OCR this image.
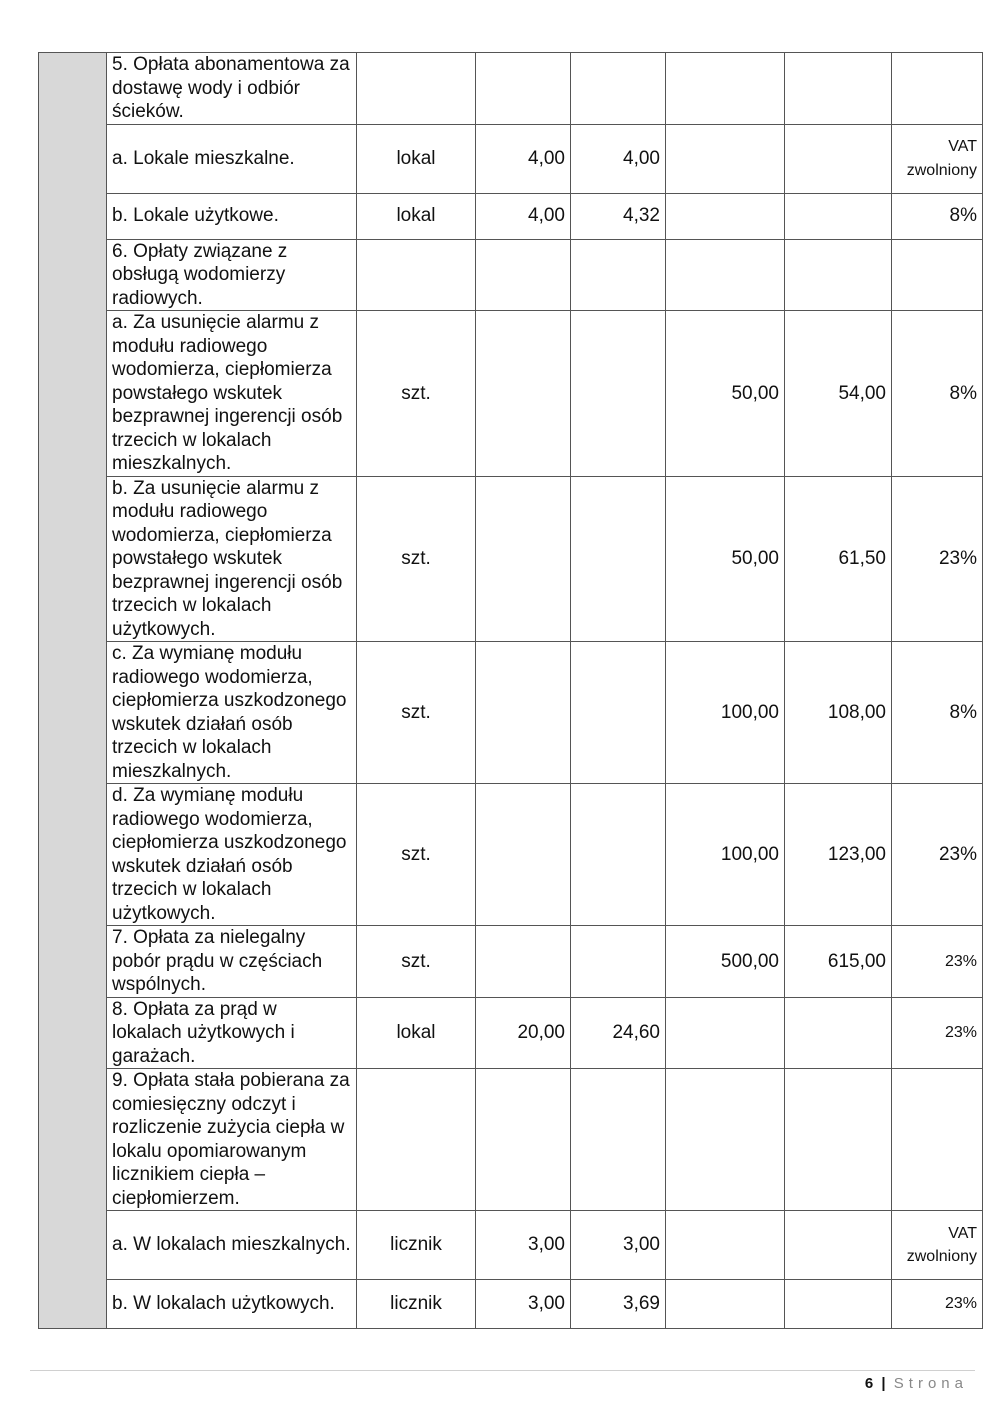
	5. Opłata abonamentowa za dostawę wody i odbiór ścieków.						
	a. Lokale mieszkalne.	lokal	4,00	4,00			VAT zwolniony
	b. Lokale użytkowe.	lokal	4,00	4,32			8%
	6. Opłaty związane z obsługą wodomierzy radiowych.						
	a. Za usunięcie alarmu z modułu radiowego wodomierza, ciepłomierza powstałego wskutek bezprawnej ingerencji osób trzecich w lokalach mieszkalnych.	szt.			50,00	54,00	8%
	b. Za usunięcie alarmu z modułu radiowego wodomierza, ciepłomierza powstałego wskutek bezprawnej ingerencji osób trzecich w lokalach użytkowych.	szt.			50,00	61,50	23%
	c. Za wymianę modułu radiowego wodomierza, ciepłomierza uszkodzonego wskutek działań osób trzecich w lokalach mieszkalnych.	szt.			100,00	108,00	8%
	d. Za wymianę modułu radiowego wodomierza, ciepłomierza uszkodzonego wskutek działań osób trzecich w lokalach użytkowych.	szt.			100,00	123,00	23%
	7. Opłata za nielegalny pobór prądu w częściach wspólnych.	szt.			500,00	615,00	23%
	8. Opłata za prąd w lokalach użytkowych i garażach.	lokal	20,00	24,60			23%
	9. Opłata stała pobierana za comiesięczny odczyt i rozliczenie zużycia ciepła w lokalu opomiarowanym licznikiem ciepła – ciepłomierzem.						
	a. W lokalach mieszkalnych.	licznik	3,00	3,00			VAT zwolniony
	b. W lokalach użytkowych.	licznik	3,00	3,69			23%
6 | Strona
